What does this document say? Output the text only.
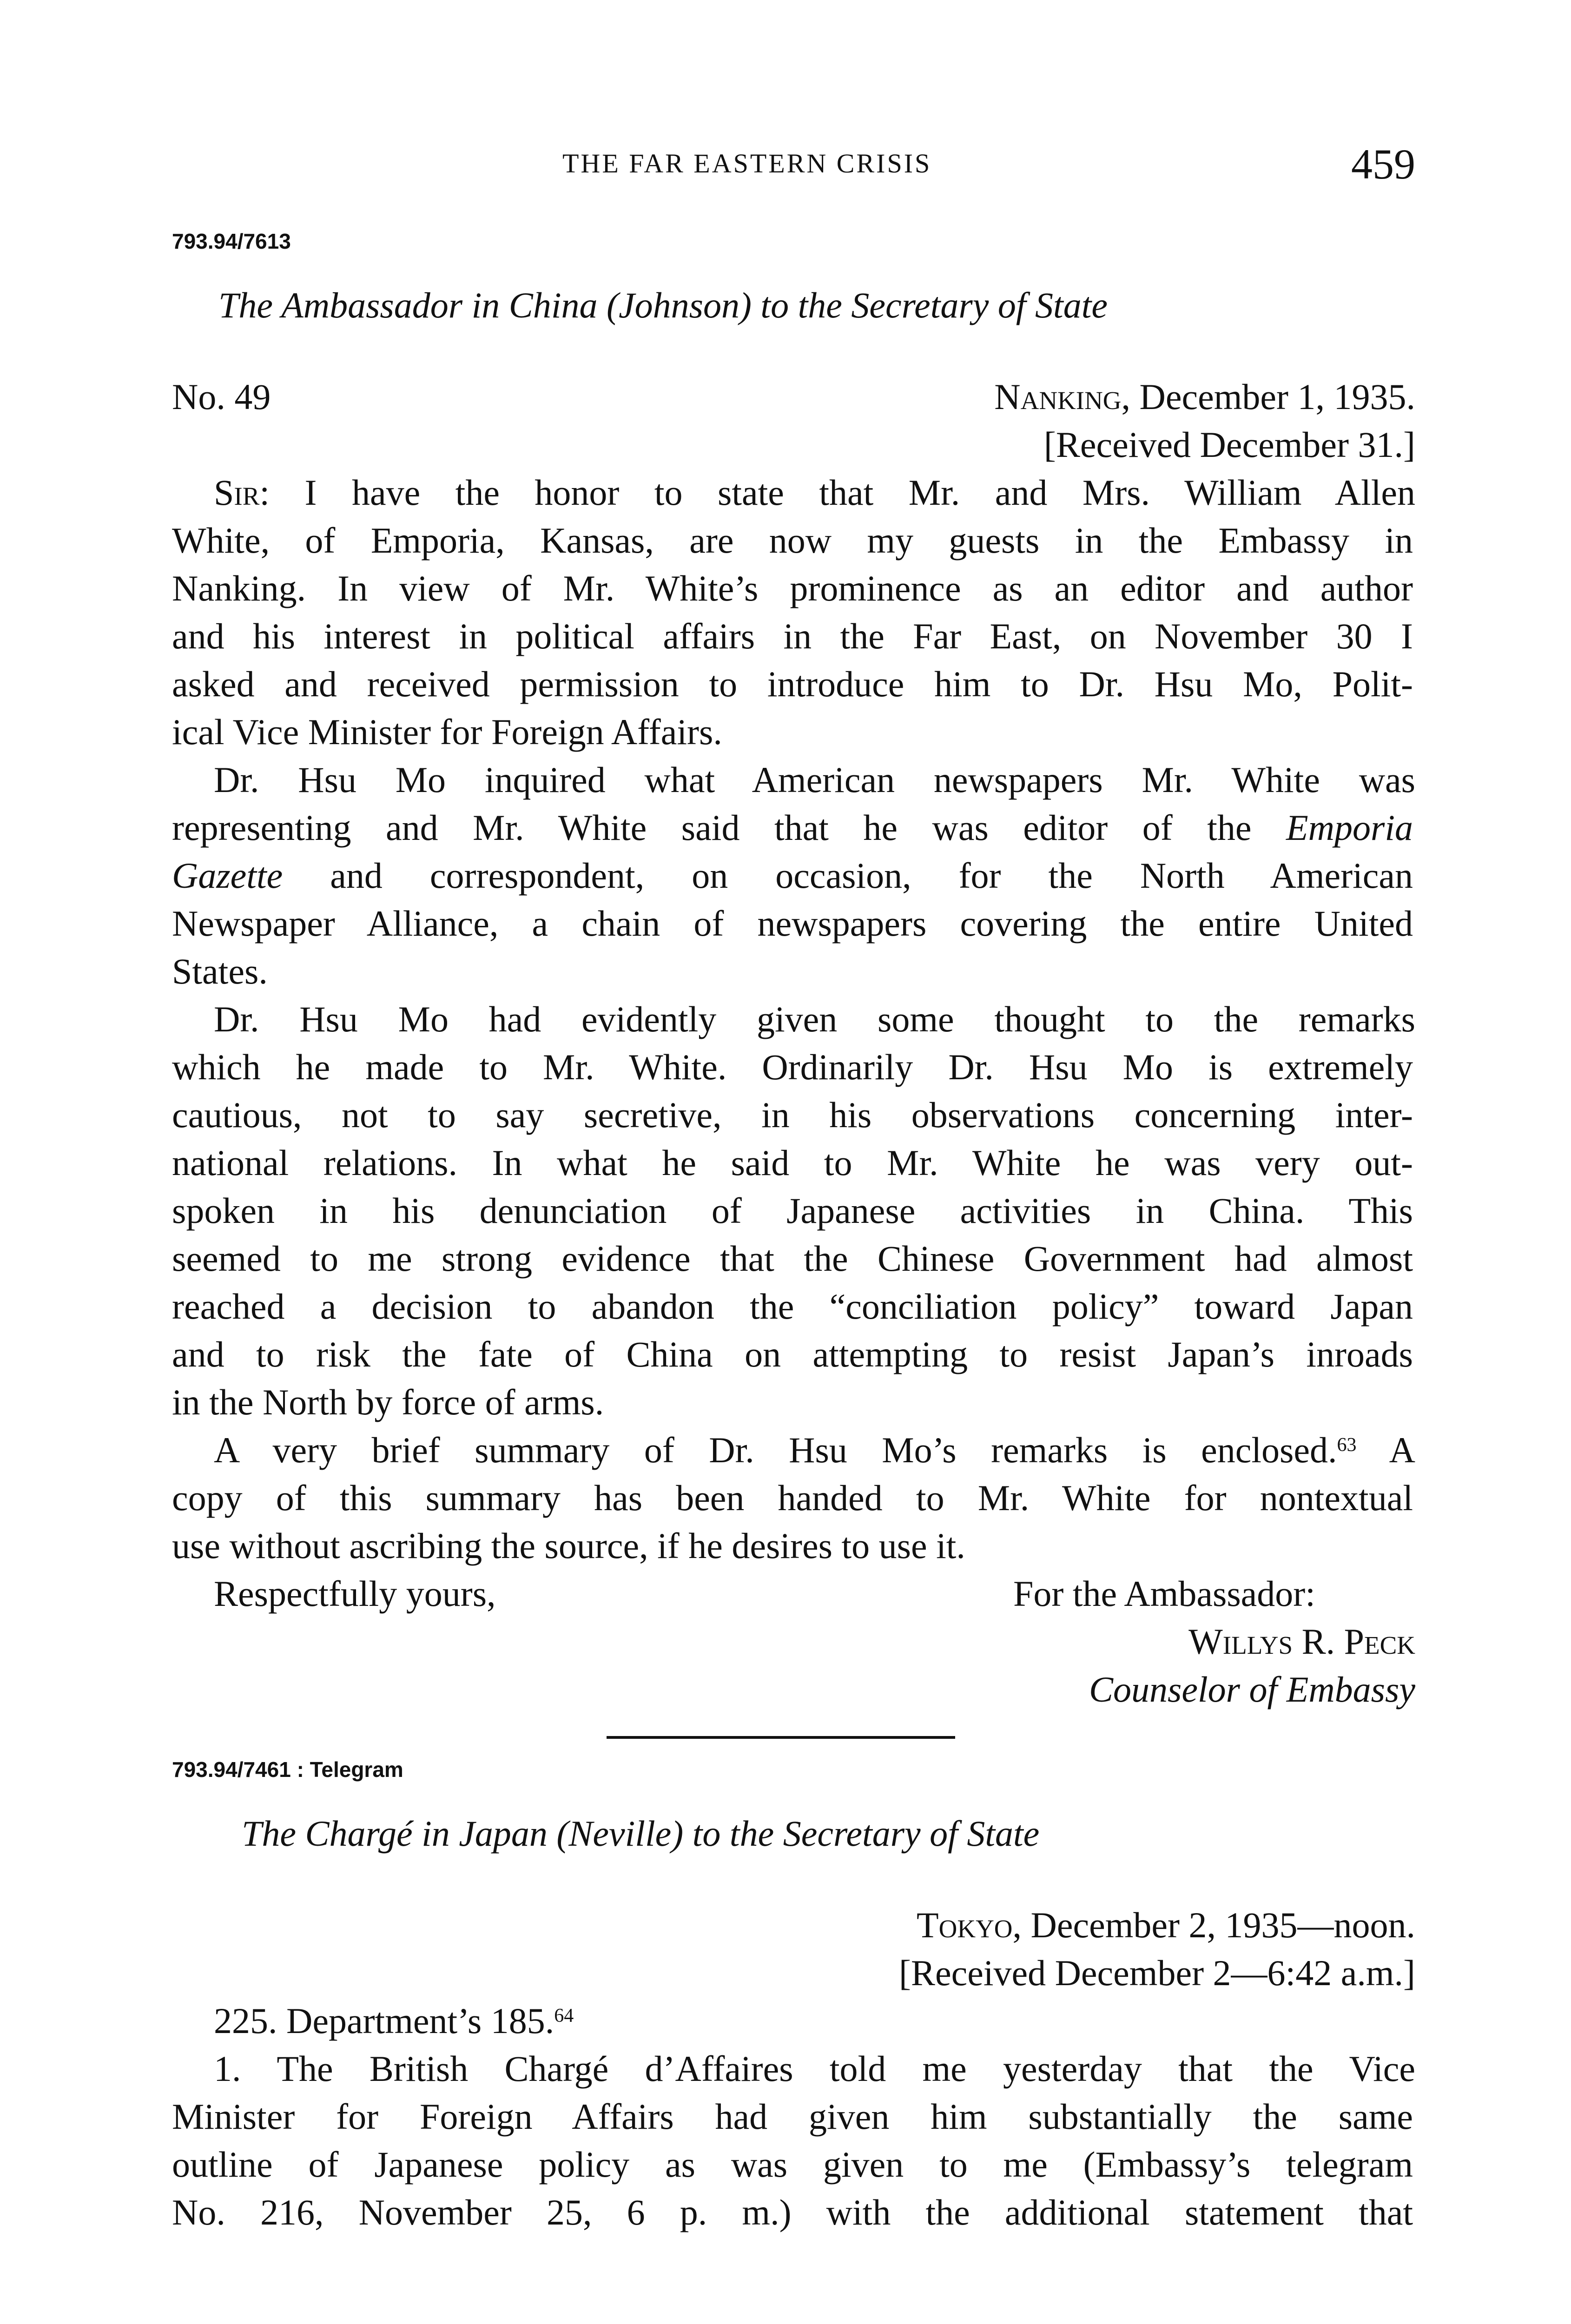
THE FAR EASTERN CRISIS	459
793.94/7613
The Ambassador in China (Johnson) to the Secretary of State
No. 49	Nanking, December 1, 1935.
[Received December 31.]
Sir: I have the honor to state that Mr. and Mrs. William Allen
White, of Emporia, Kansas, are now my guests in the Embassy in
Nanking. In view of Mr. White’s prominence as an editor and author
and his interest in political affairs in the Far East, on November 30 I
asked and received permission to introduce him to Dr. Hsu Mo, Polit-
ical Vice Minister for Foreign Affairs.
Dr. Hsu Mo inquired what American newspapers Mr. White was
representing and Mr. White said that he was editor of the Emporia
Gazette and correspondent, on occasion, for the North American
Newspaper Alliance, a chain of newspapers covering the entire United
States.
Dr. Hsu Mo had evidently given some thought to the remarks
which he made to Mr. White. Ordinarily Dr. Hsu Mo is extremely
cautious, not to say secretive, in his observations concerning inter-
national relations. In what he said to Mr. White he was very out-
spoken in his denunciation of Japanese activities in China. This
seemed to me strong evidence that the Chinese Government had almost
reached a decision to abandon the “conciliation policy” toward Japan
and to risk the fate of China on attempting to resist Japan’s inroads
in the North by force of arms.
A very brief summary of Dr. Hsu Mo’s remarks is enclosed.$^{63}$ A
copy of this summary has been handed to Mr. White for nontextual
use without ascribing the source, if he desires to use it.
Respectfully yours,	For the Ambassador:
Willys R. Peck
Counselor of Embassy
793.94/7461 : Telegram
The Chargé in Japan (Neville) to the Secretary of State
Tokyo, December 2, 1935—noon.
[Received December 2—6:42 a.m.]
225. Department’s 185.64
1. The British Chargé d’Affaires told me yesterday that the Vice
Minister for Foreign Affairs had given him substantially the same
outline of Japanese policy as was given to me (Embassy’s telegram
No. 216, November 25, 6 p. m.) with the additional statement that
